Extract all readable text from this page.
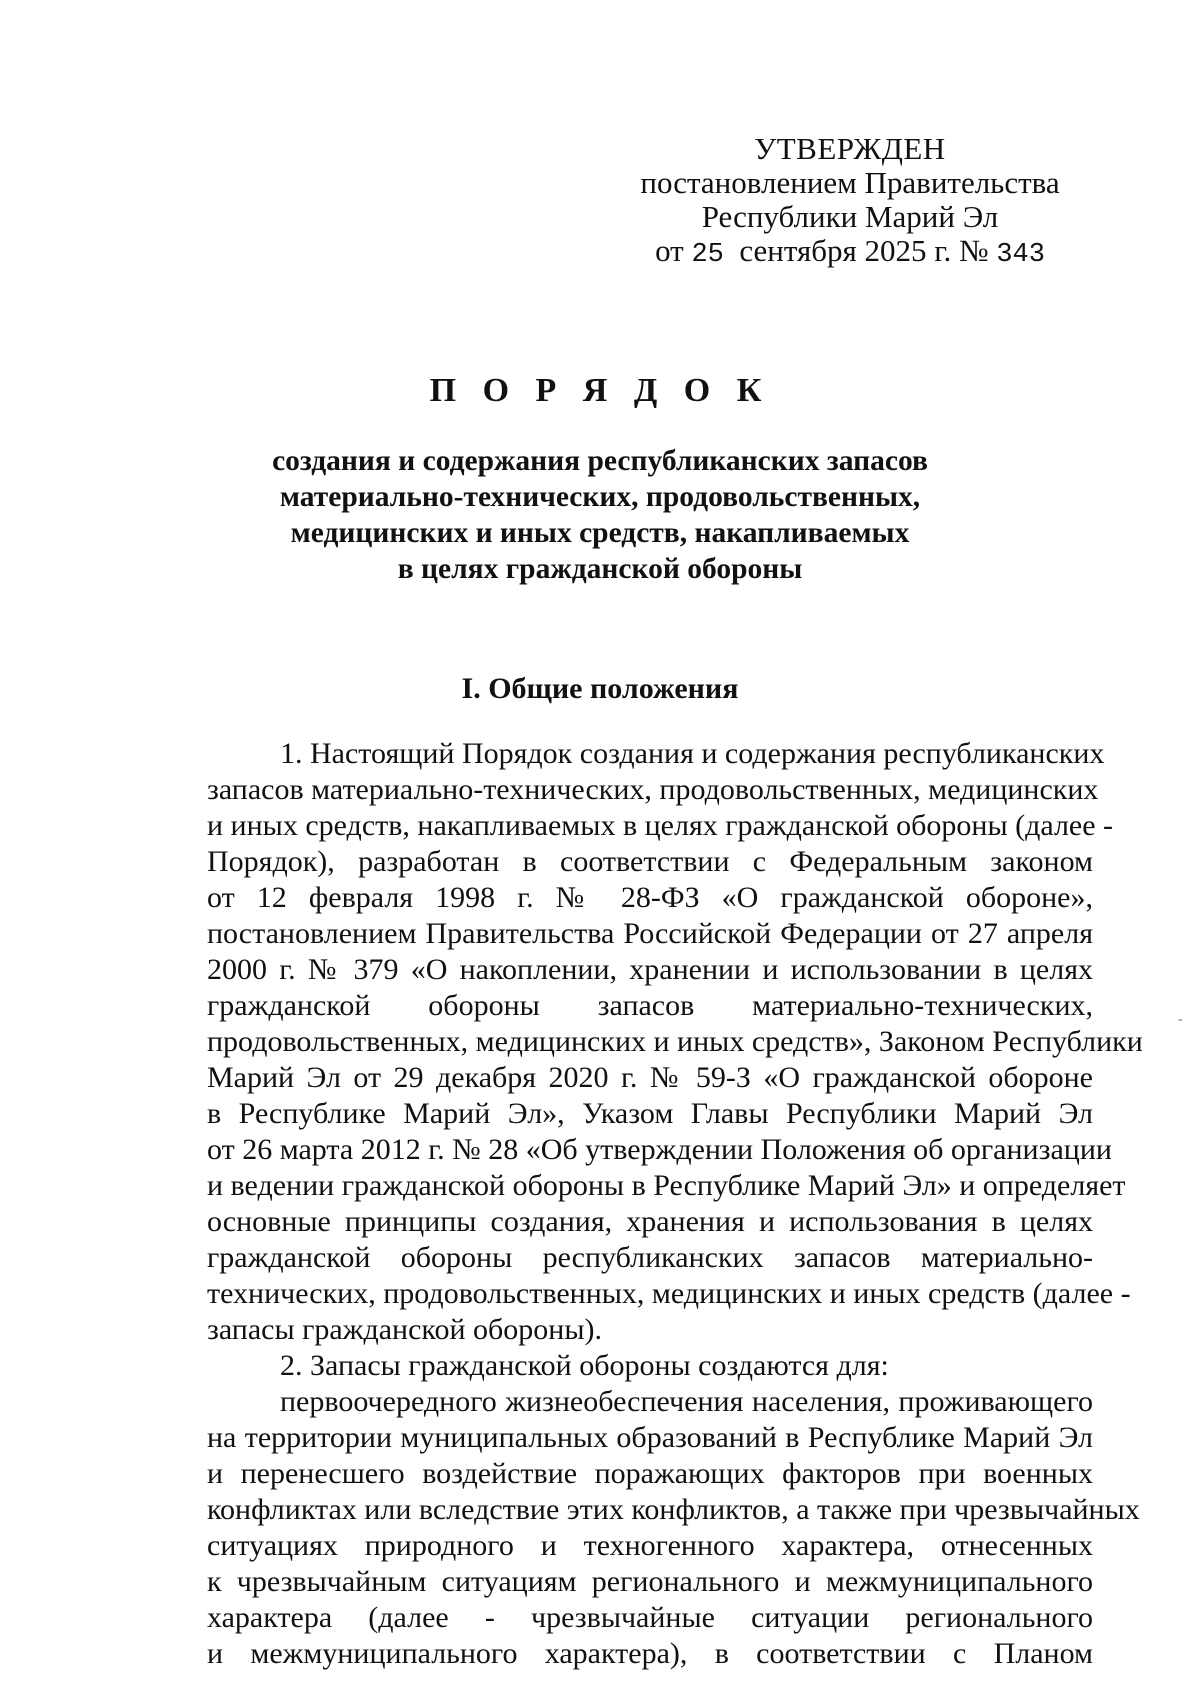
УТВЕРЖДЕН
постановлением Правительства
Республики Марий Эл
от 25  сентября 2025 г. № 343
П О Р Я Д О К
создания и содержания республиканских запасов
материально-технических, продовольственных,
медицинских и иных средств, накапливаемых
в целях гражданской обороны
I. Общие положения
1. Настоящий Порядок создания и содержания республиканских
запасов материально-технических, продовольственных, медицинских
и иных средств, накапливаемых в целях гражданской обороны (далее -
Порядок), разработан в соответствии с Федеральным законом
от 12 февраля 1998 г. № 28-ФЗ «О гражданской обороне»,
постановлением Правительства Российской Федерации от 27 апреля
2000 г. № 379 «О накоплении, хранении и использовании в целях
гражданской обороны запасов материально-технических,
продовольственных, медицинских и иных средств», Законом Республики
Марий Эл от 29 декабря 2020 г. № 59-З «О гражданской обороне
в Республике Марий Эл», Указом Главы Республики Марий Эл
от 26 марта 2012 г. № 28 «Об утверждении Положения об организации
и ведении гражданской обороны в Республике Марий Эл» и определяет
основные принципы создания, хранения и использования в целях
гражданской обороны республиканских запасов материально-
технических, продовольственных, медицинских и иных средств (далее -
запасы гражданской обороны).
2. Запасы гражданской обороны создаются для:
первоочередного жизнеобеспечения населения, проживающего
на территории муниципальных образований в Республике Марий Эл
и перенесшего воздействие поражающих факторов при военных
конфликтах или вследствие этих конфликтов, а также при чрезвычайных
ситуациях природного и техногенного характера, отнесенных
к чрезвычайным ситуациям регионального и межмуниципального
характера (далее - чрезвычайные ситуации регионального
и межмуниципального характера), в соответствии с Планом
-
